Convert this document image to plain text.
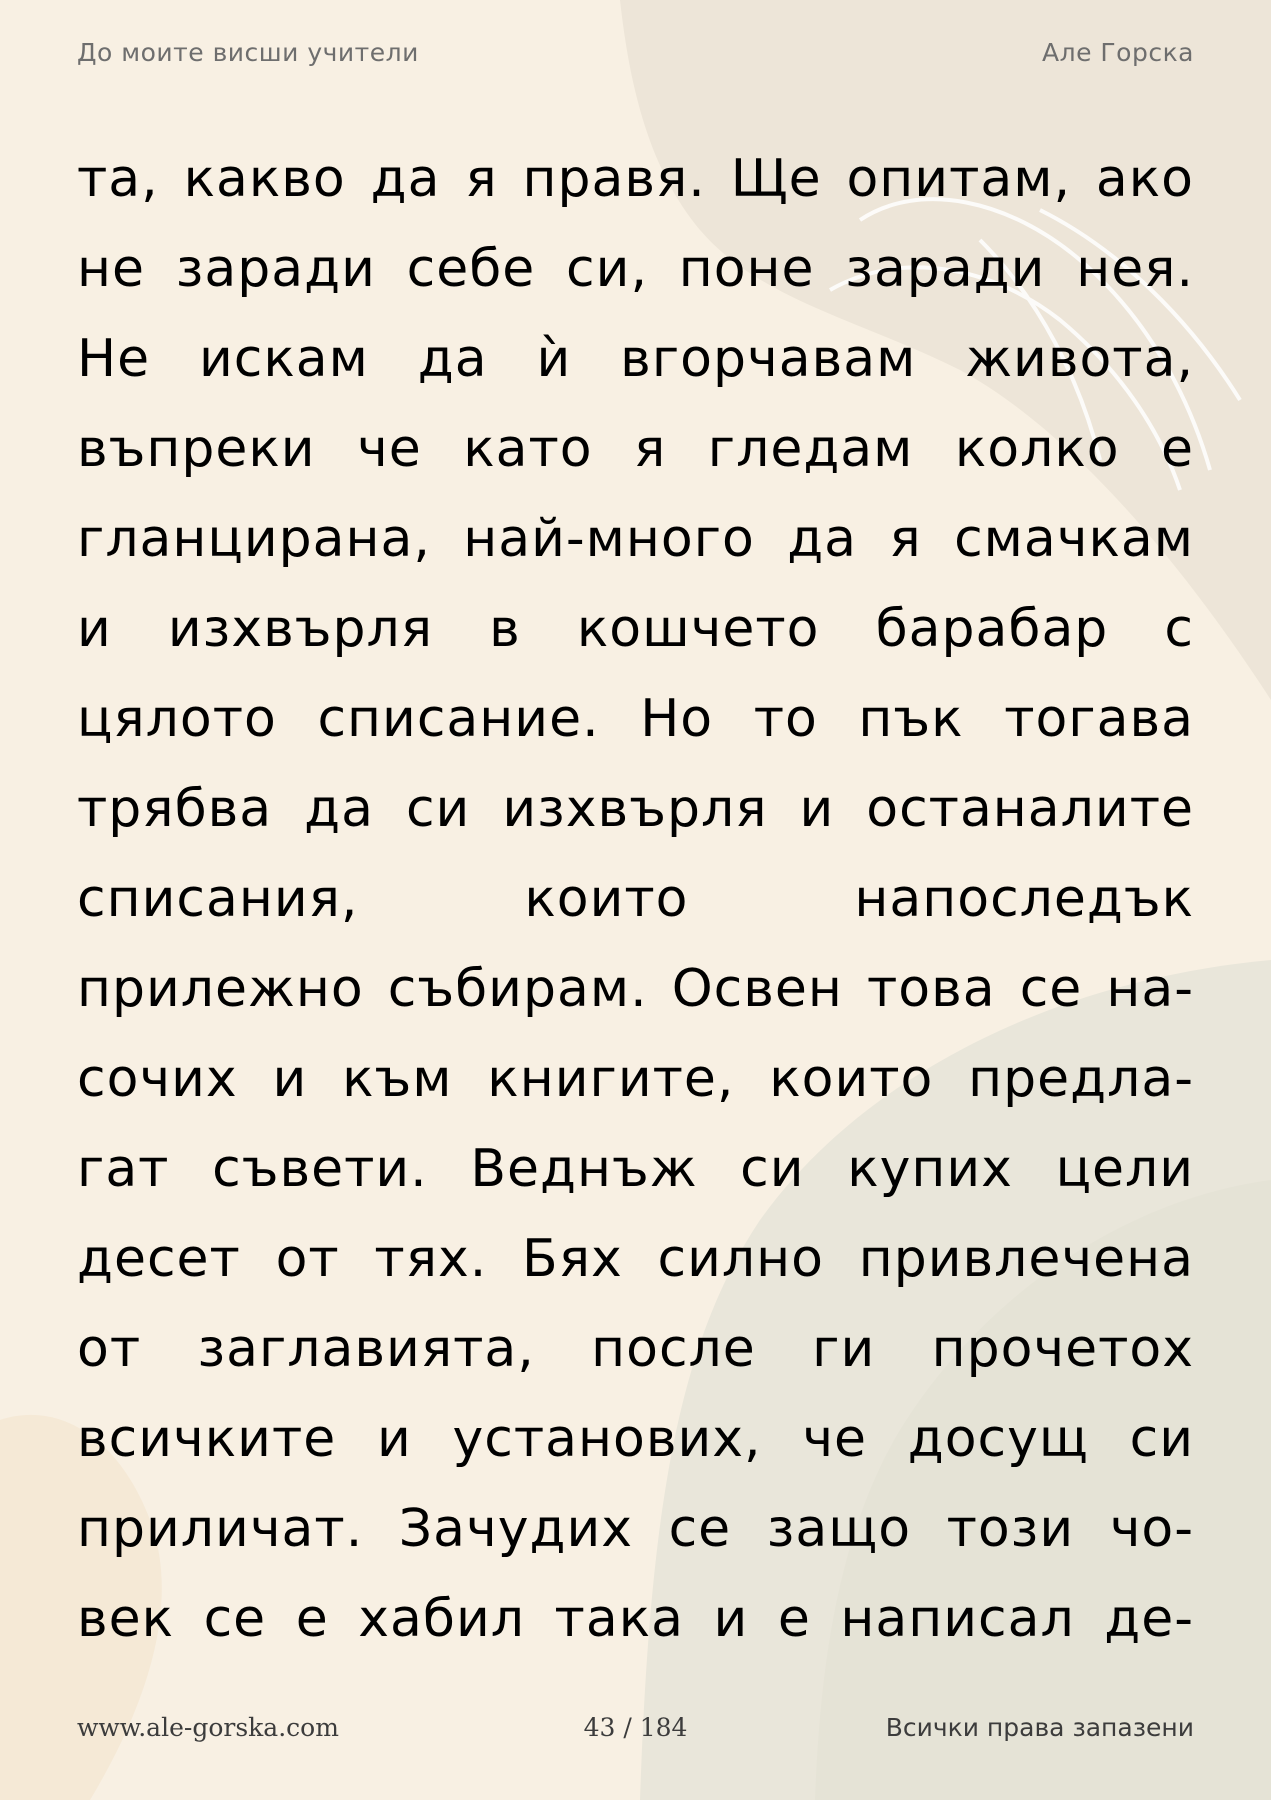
До моите висши учители	Але Горска
та, какво да я правя. Ще опитам, ако
не заради себе си, поне заради нея.
Не искам да ѝ вгорчавам живота,
въпреки че като я гледам колко е
гланцирана, най-много да я смачкам
и изхвърля в кошчето барабар с
цялото списание. Но то пък тогава
трябва да си изхвърля и останалите
списания, които напоследък
прилежно събирам. Освен това се на-
сочих и към книгите, които предла-
гат съвети. Веднъж си купих цели
десет от тях. Бях силно привлечена
от заглавията, после ги прочетох
всичките и установих, че досущ си
приличат. Зачудих се защо този чо-
век се е хабил така и е написал де-
www.ale-gorska.com	43 / 184	Всички права запазени
